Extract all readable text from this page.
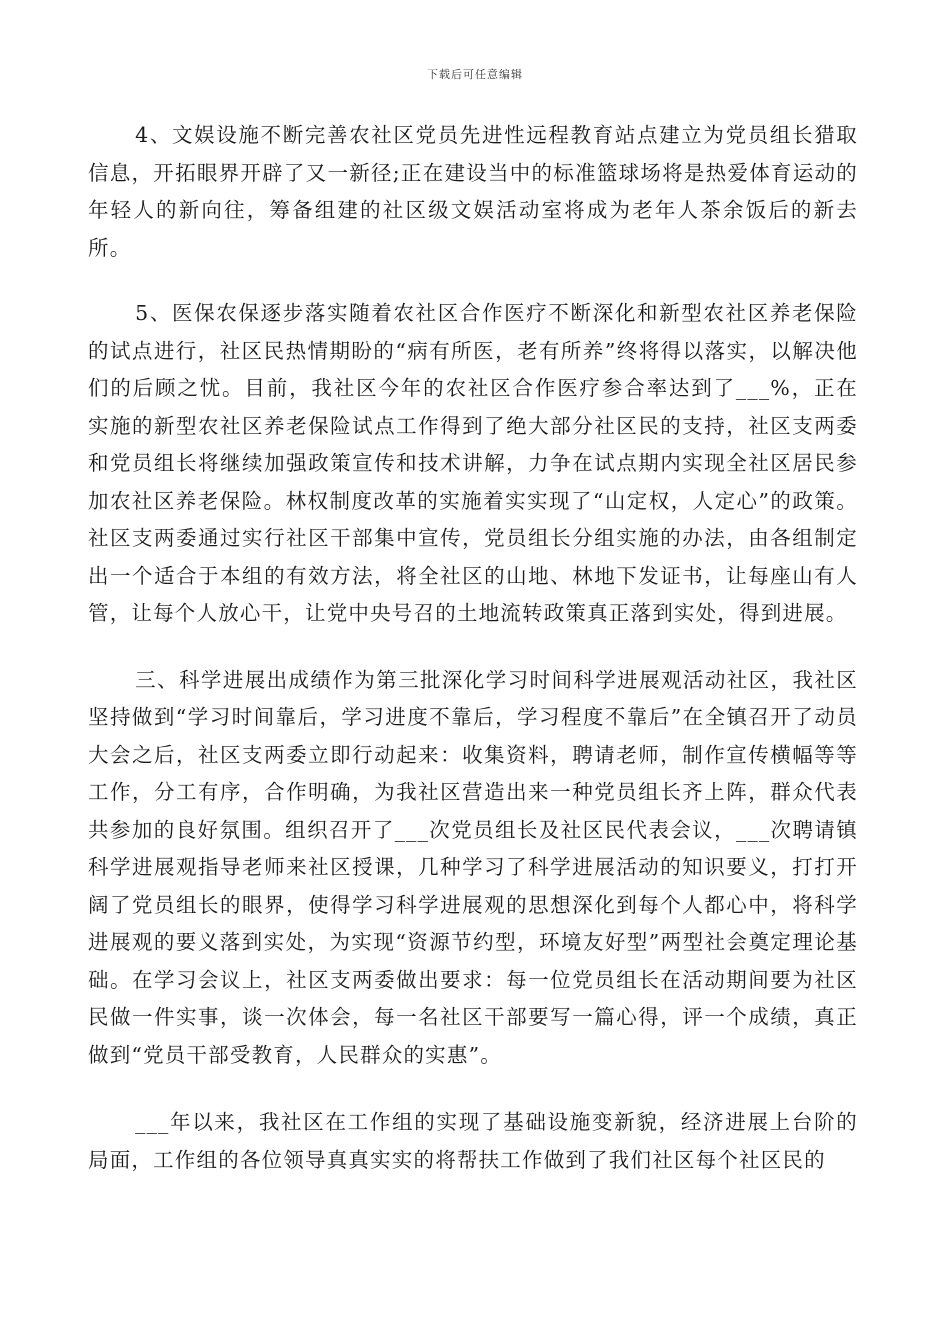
下载后可任意编辑

4、文娱设施不断完善农社区党员先进性远程教育站点建立为党员组长猎取信息，开拓眼界开辟了又一新径;正在建设当中的标准篮球场将是热爱体育运动的年轻人的新向往，筹备组建的社区级文娱活动室将成为老年人茶余饭后的新去所。

5、医保农保逐步落实随着农社区合作医疗不断深化和新型农社区养老保险的试点进行，社区民热情期盼的“病有所医，老有所养”终将得以落实，以解决他们的后顾之忧。目前，我社区今年的农社区合作医疗参合率达到了___%，正在实施的新型农社区养老保险试点工作得到了绝大部分社区民的支持，社区支两委和党员组长将继续加强政策宣传和技术讲解，力争在试点期内实现全社区居民参加农社区养老保险。林权制度改革的实施着实实现了“山定权，人定心”的政策。社区支两委通过实行社区干部集中宣传，党员组长分组实施的办法，由各组制定出一个适合于本组的有效方法，将全社区的山地、林地下发证书，让每座山有人管，让每个人放心干，让党中央号召的土地流转政策真正落到实处，得到进展。

三、科学进展出成绩作为第三批深化学习时间科学进展观活动社区，我社区坚持做到“学习时间靠后，学习进度不靠后，学习程度不靠后”在全镇召开了动员大会之后，社区支两委立即行动起来：收集资料，聘请老师，制作宣传横幅等等工作，分工有序，合作明确，为我社区营造出来一种党员组长齐上阵，群众代表共参加的良好氛围。组织召开了___次党员组长及社区民代表会议，___次聘请镇科学进展观指导老师来社区授课，几种学习了科学进展活动的知识要义，打打开阔了党员组长的眼界，使得学习科学进展观的思想深化到每个人都心中，将科学进展观的要义落到实处，为实现“资源节约型，环境友好型”两型社会奠定理论基础。在学习会议上，社区支两委做出要求：每一位党员组长在活动期间要为社区民做一件实事，谈一次体会，每一名社区干部要写一篇心得，评一个成绩，真正做到“党员干部受教育，人民群众的实惠”。

___年以来，我社区在工作组的实现了基础设施变新貌，经济进展上台阶的局面，工作组的各位领导真真实实的将帮扶工作做到了我们社区每个社区民的
